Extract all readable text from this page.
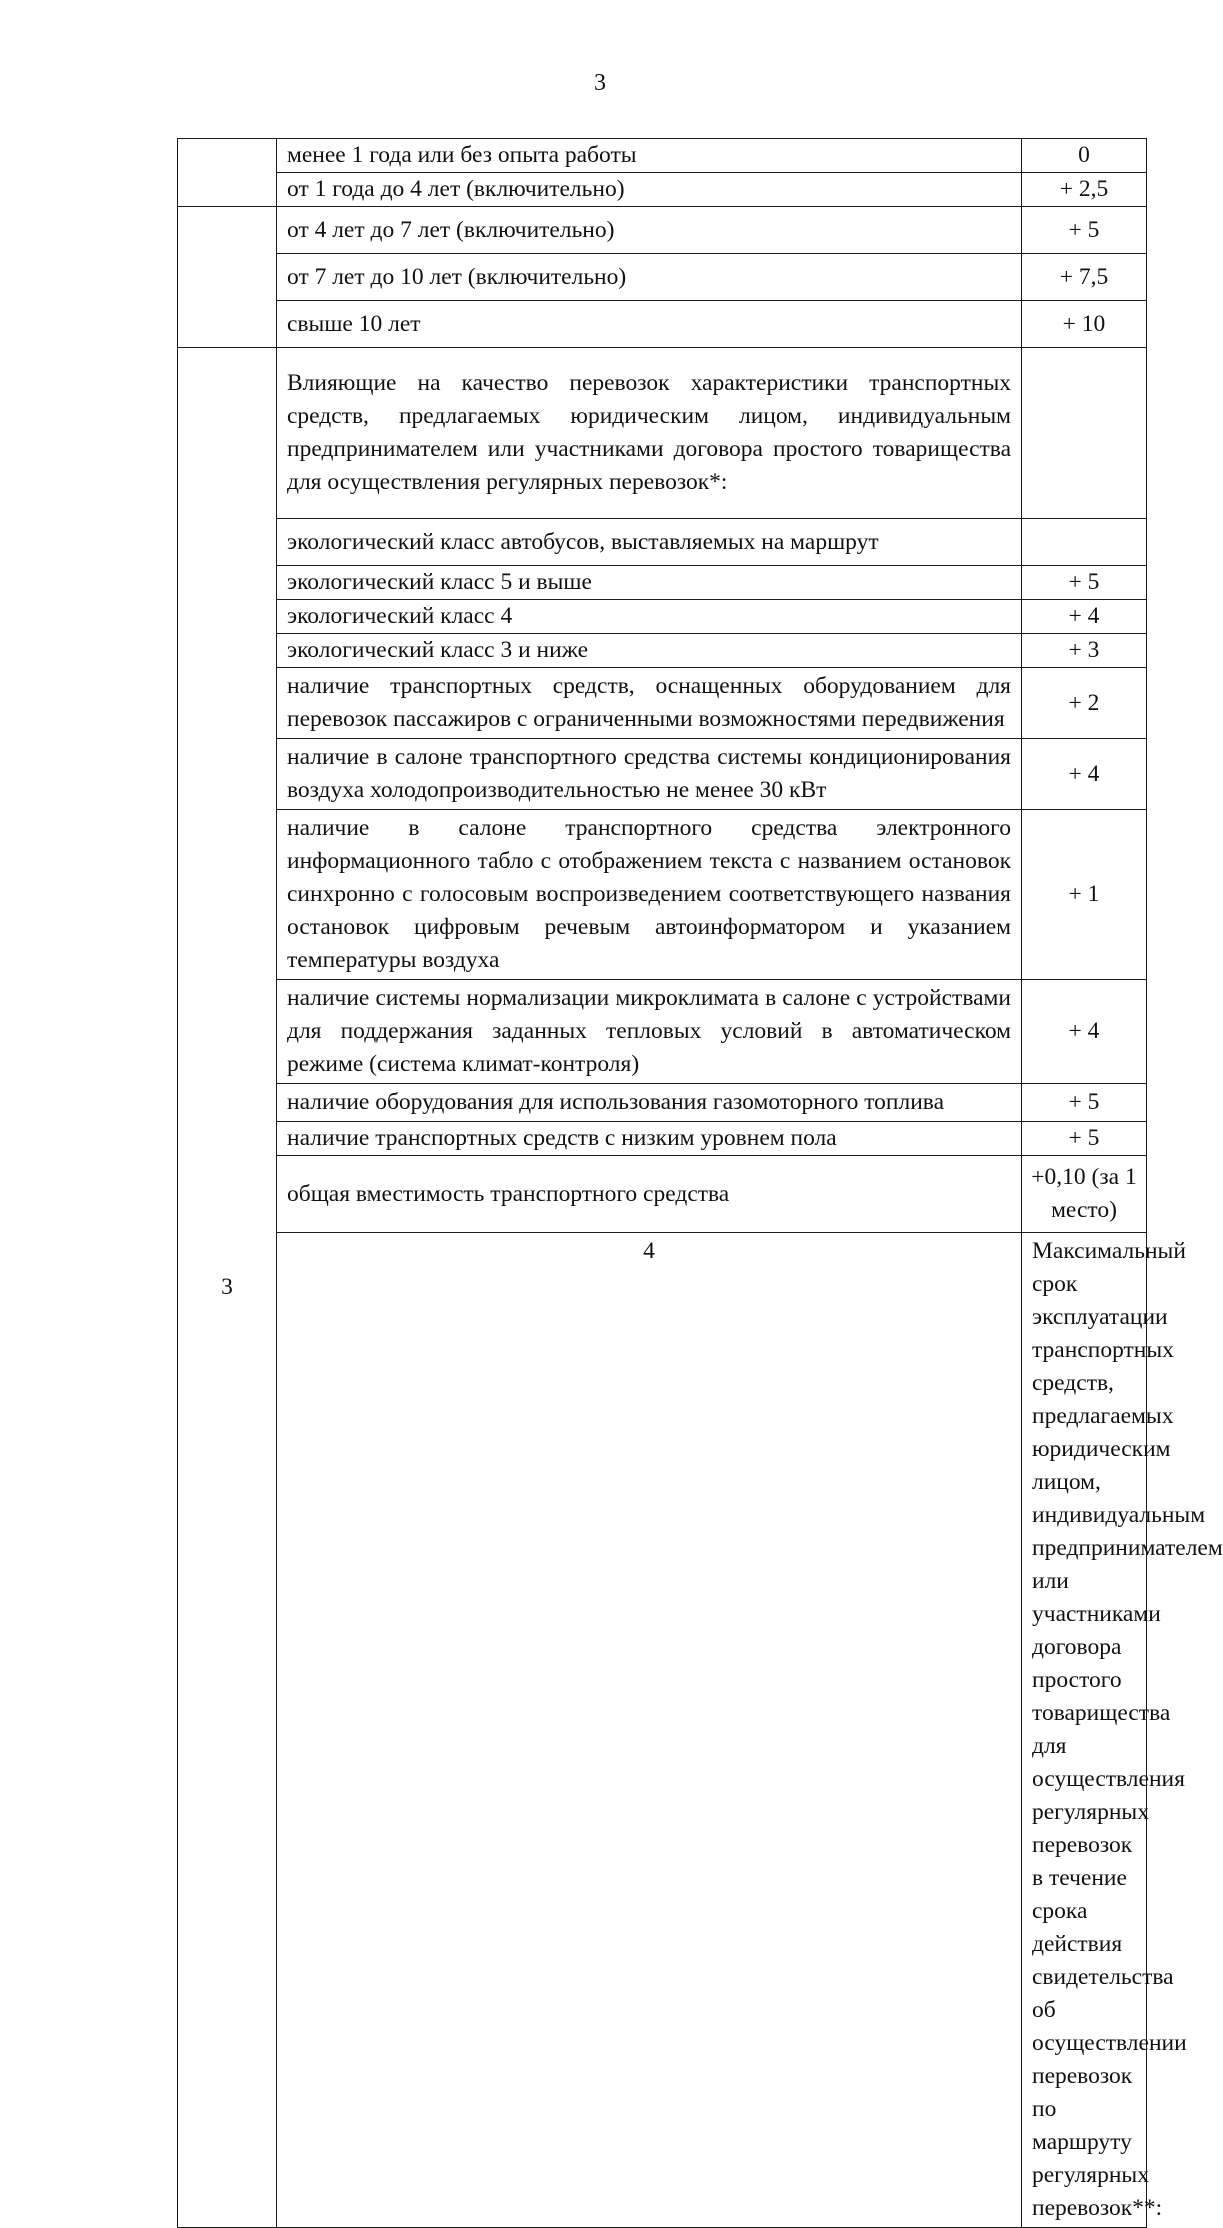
3
	менее 1 года или без опыта работы	0	
	от 1 года до 4 лет (включительно)	+ 2,5	
	от 4 лет до 7 лет (включительно)	+ 5	
	от 7 лет до 10 лет (включительно)	+ 7,5	
	свыше 10 лет	+ 10	
3	Влияющие на качество перевозок характеристики транспортных средств, предлагаемых юридическим лицом, индивидуальным предпринимателем или участниками договора простого товарищества для осуществления регулярных перевозок*:		
	экологический класс автобусов, выставляемых на маршрут		
	экологический класс 5 и выше	+ 5	
	экологический класс 4	+ 4	
	экологический класс 3 и ниже	+ 3	
	наличие транспортных средств, оснащенных оборудованием для перевозок пассажиров с ограниченными возможностями передвижения	+ 2	
	наличие в салоне транспортного средства системы кондиционирования воздуха холодопроизводительностью не менее 30 кВт	+ 4	
	наличие в салоне транспортного средства электронного информационного табло с отображением текста с названием остановок синхронно с голосовым воспроизведением соответствующего названия остановок цифровым речевым автоинформатором и указанием температуры воздуха	+ 1	
	наличие системы нормализации микроклимата в салоне с устройствами для поддержания заданных тепловых условий в автоматическом режиме (система климат-контроля)	+ 4	
	наличие оборудования для использования газомоторного топлива	+ 5	
	наличие транспортных средств с низким уровнем пола	+ 5	
	общая вместимость транспортного средства	+0,10 (за 1 место)	
	4	Максимальный срок эксплуатации транспортных средств, предлагаемых юридическим лицом, индивидуальным предпринимателем или участниками договора простого товарищества для осуществления регулярных перевозок в течение срока действия свидетельства об осуществлении перевозок по маршруту регулярных перевозок**:	
